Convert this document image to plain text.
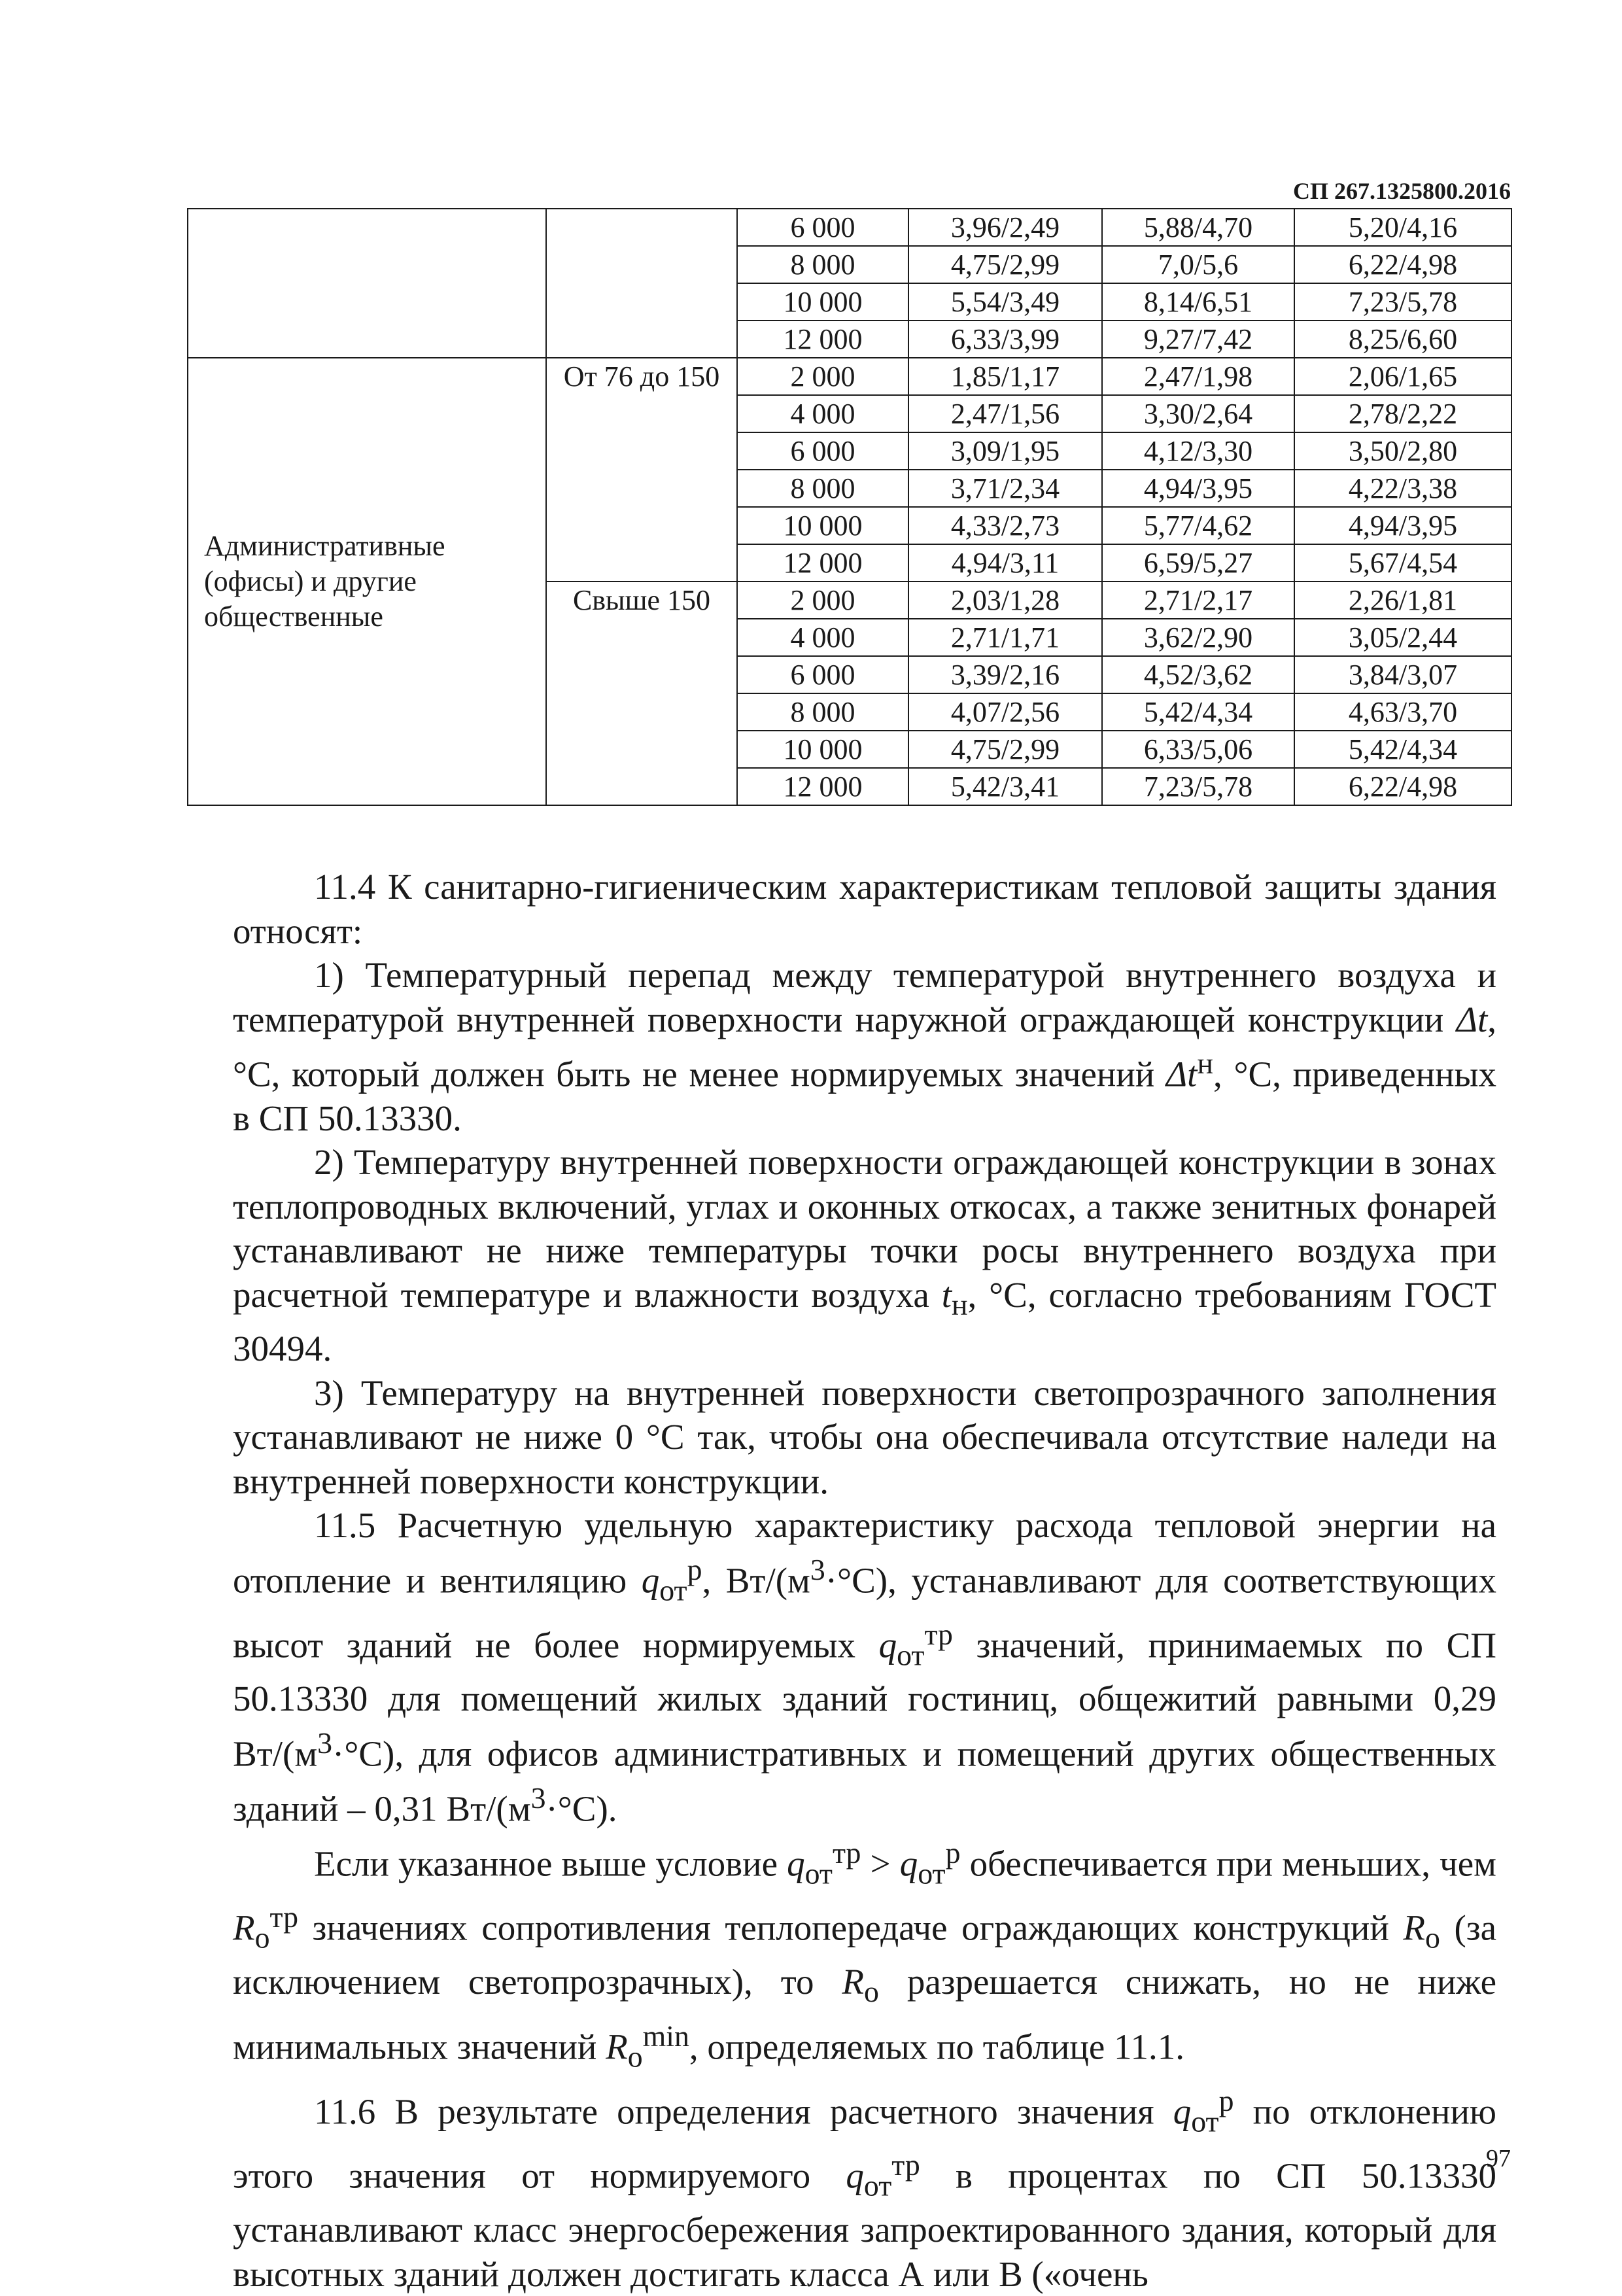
СП 267.1325800.2016
		6 000	3,96/2,49	5,88/4,70	5,20/4,16
		8 000	4,75/2,99	7,0/5,6	6,22/4,98
		10 000	5,54/3,49	8,14/6,51	7,23/5,78
		12 000	6,33/3,99	9,27/7,42	8,25/6,60
Административные (офисы) и другие общественные	От 76 до 150	2 000	1,85/1,17	2,47/1,98	2,06/1,65
		4 000	2,47/1,56	3,30/2,64	2,78/2,22
		6 000	3,09/1,95	4,12/3,30	3,50/2,80
		8 000	3,71/2,34	4,94/3,95	4,22/3,38
		10 000	4,33/2,73	5,77/4,62	4,94/3,95
		12 000	4,94/3,11	6,59/5,27	5,67/4,54
	Свыше 150	2 000	2,03/1,28	2,71/2,17	2,26/1,81
		4 000	2,71/1,71	3,62/2,90	3,05/2,44
		6 000	3,39/2,16	4,52/3,62	3,84/3,07
		8 000	4,07/2,56	5,42/4,34	4,63/3,70
		10 000	4,75/2,99	6,33/5,06	5,42/4,34
		12 000	5,42/3,41	7,23/5,78	6,22/4,98

11.4 К санитарно-гигиеническим характеристикам тепловой защиты здания относят:

1) Температурный перепад между температурой внутреннего воздуха и температурой внутренней поверхности наружной ограждающей конструкции Δt, °С, который должен быть не менее нормируемых значений $\Delta t^н$, °С, приведенных в СП 50.13330.

2) Температуру внутренней поверхности ограждающей конструкции в зонах теплопроводных включений, углах и оконных откосах, а также зенитных фонарей устанавливают не ниже температуры точки росы внутреннего воздуха при расчетной температуре и влажности воздуха $t_н$, °С, согласно требованиям ГОСТ 30494.

3) Температуру на внутренней поверхности светопрозрачного заполнения устанавливают не ниже 0 °С так, чтобы она обеспечивала отсутствие наледи на внутренней поверхности конструкции.

11.5 Расчетную удельную характеристику расхода тепловой энергии на отопление и вентиляцию $q_{от}^р$, $Вт/(м^3\cdot^\circ С)$, устанавливают для соответствующих высот зданий не более нормируемых $q_{от}^{тр}$ значений, принимаемых по СП 50.13330 для помещений жилых зданий гостиниц, общежитий равными 0,29 $Вт/(м^3\cdot^\circ С)$, для офисов административных и помещений других общественных зданий – 0,31 $Вт/(м^3\cdot^\circ С)$.

Если указанное выше условие $q_{от}^{тр} > q_{от}^р$ обеспечивается при меньших, чем $R_о^{тр}$ значениях сопротивления теплопередаче ограждающих конструкций $R_о$ (за исключением светопрозрачных), то $R_о$ разрешается снижать, но не ниже минимальных значений $R_о^{min}$, определяемых по таблице 11.1.

11.6 В результате определения расчетного значения $q_{от}^р$ по отклонению этого значения от нормируемого $q_{от}^{тр}$ в процентах по СП 50.13330 устанавливают класс энергосбережения запроектированного здания, который для высотных зданий должен достигать класса А или В («очень

97
